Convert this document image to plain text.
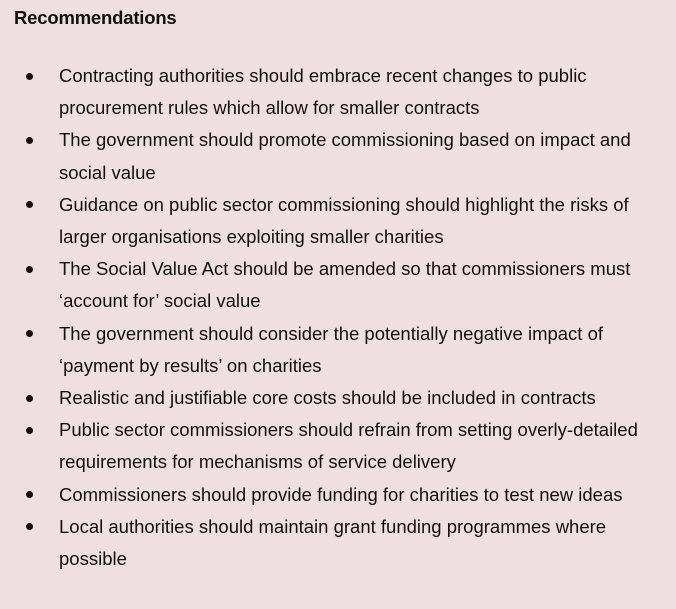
Recommendations
Contracting authorities should embrace recent changes to public procurement rules which allow for smaller contracts
The government should promote commissioning based on impact and social value
Guidance on public sector commissioning should highlight the risks of larger organisations exploiting smaller charities
The Social Value Act should be amended so that commissioners must ‘account for’ social value
The government should consider the potentially negative impact of ‘payment by results’ on charities
Realistic and justifiable core costs should be included in contracts
Public sector commissioners should refrain from setting overly-detailed requirements for mechanisms of service delivery
Commissioners should provide funding for charities to test new ideas
Local authorities should maintain grant funding programmes where possible
